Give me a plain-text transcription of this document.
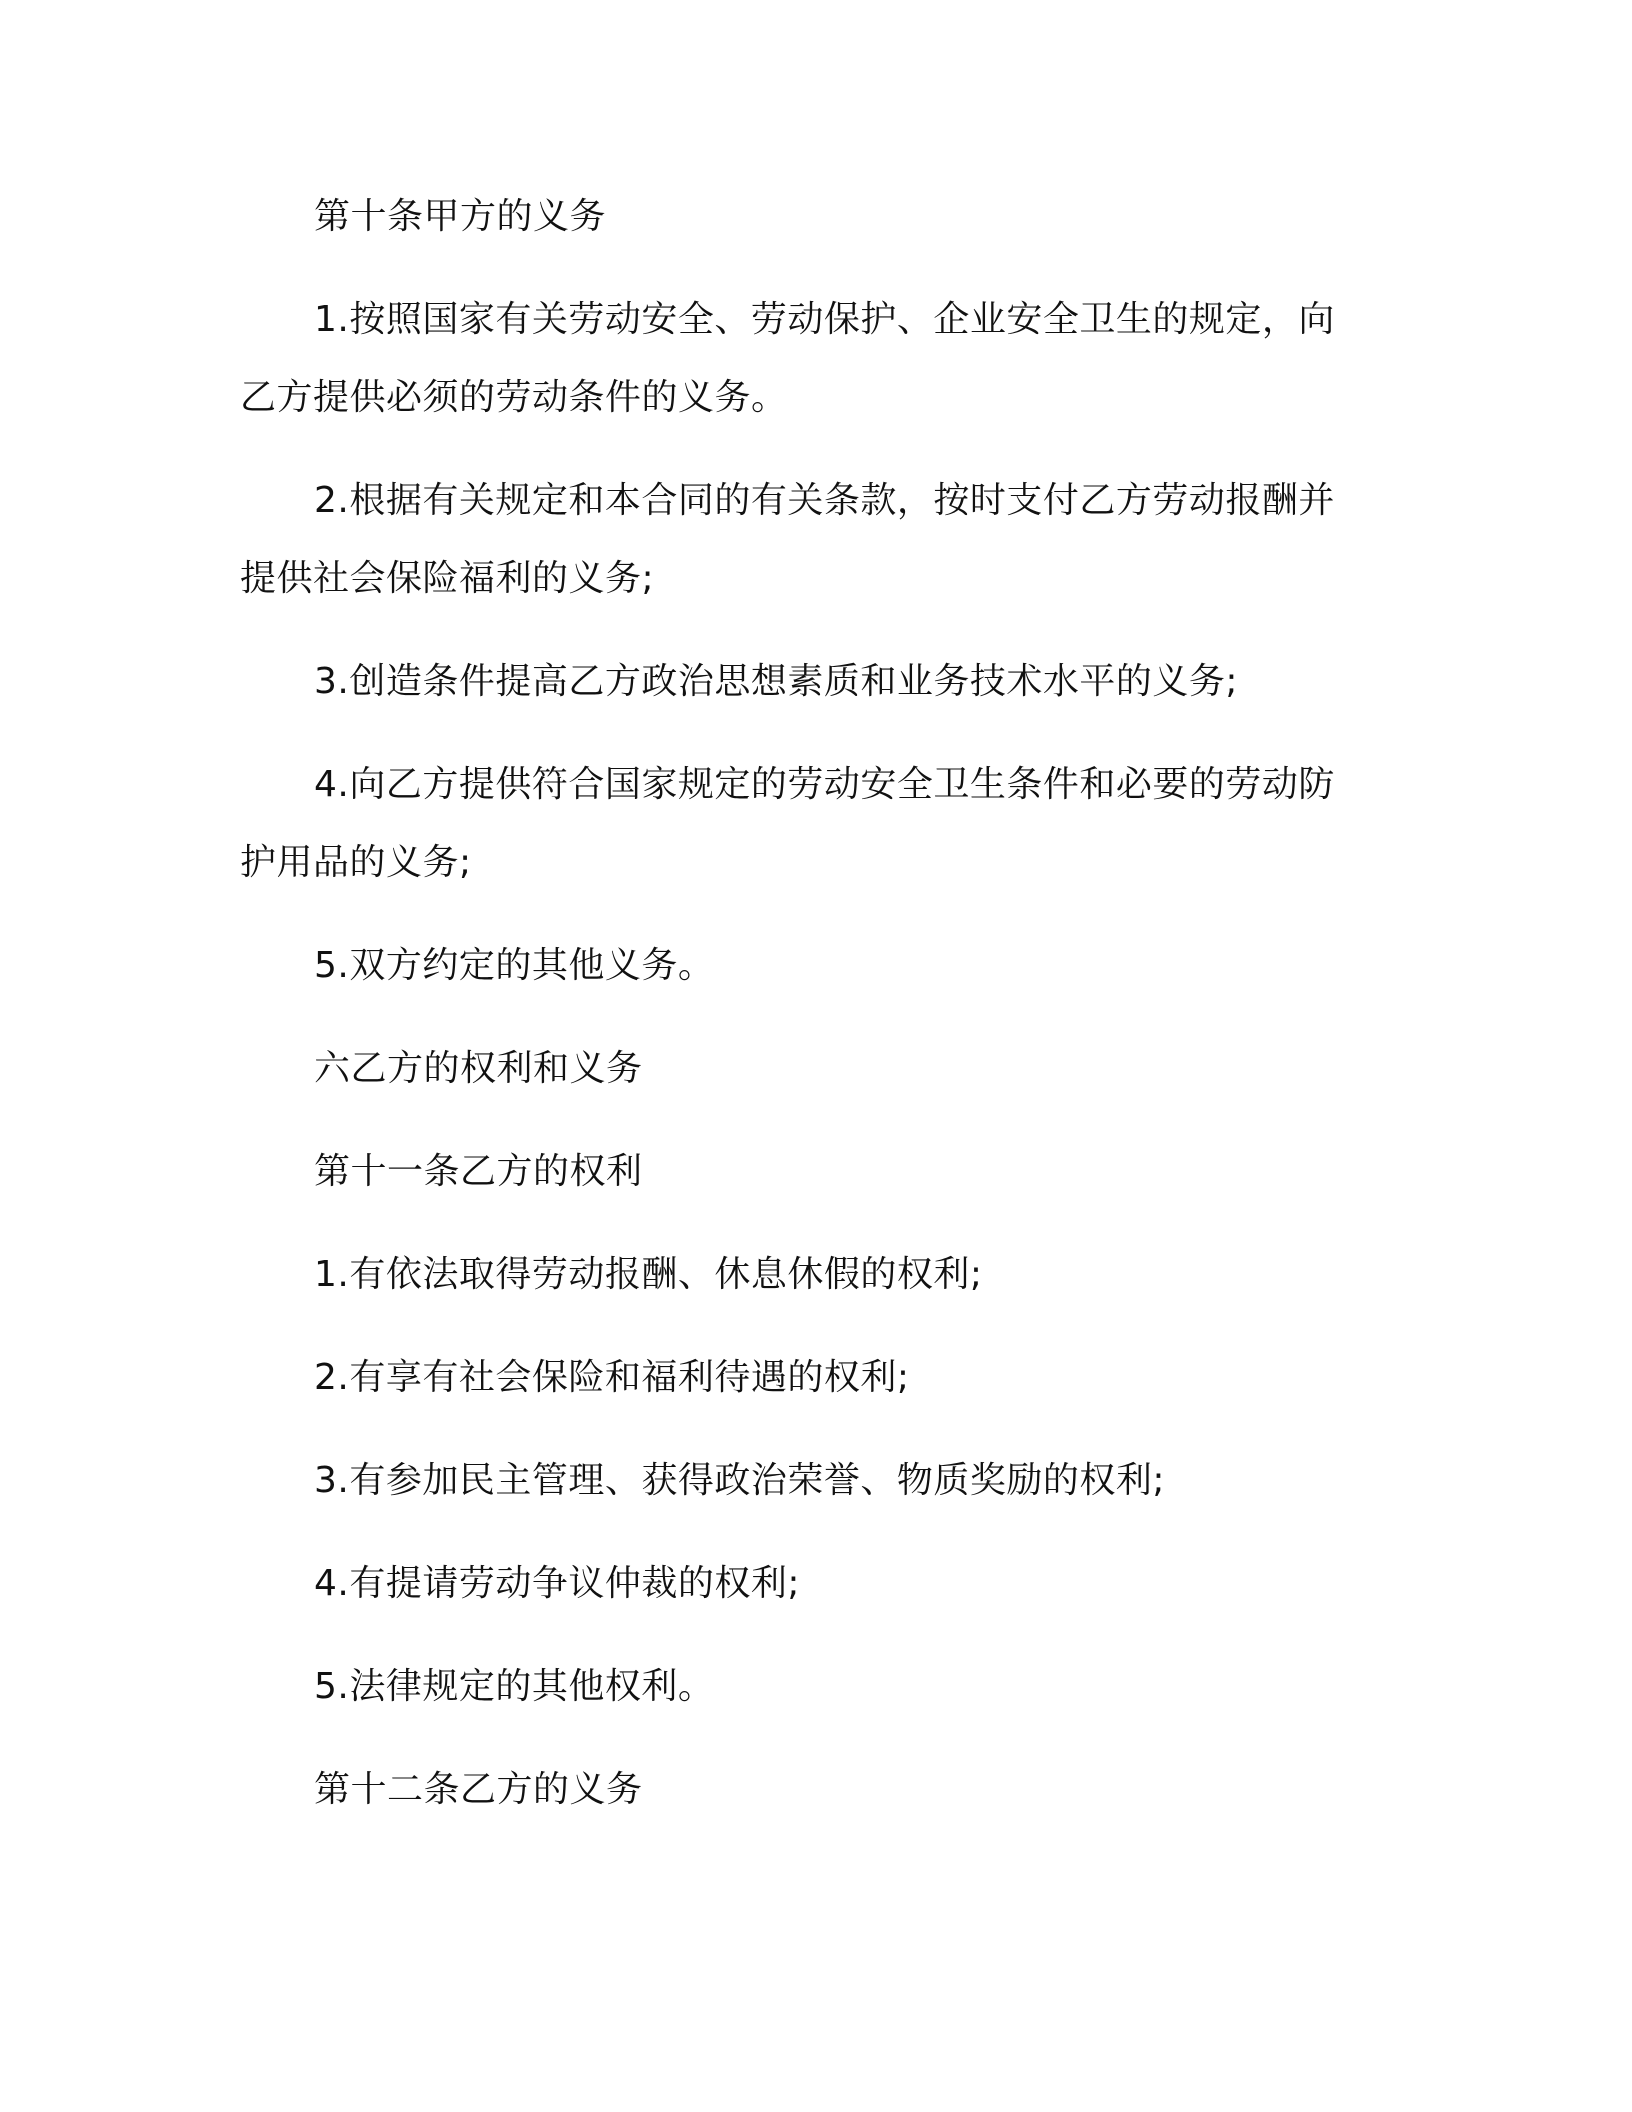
第十条甲方的义务

1.按照国家有关劳动安全、劳动保护、企业安全卫生的规定，向乙方提供必须的劳动条件的义务。

2.根据有关规定和本合同的有关条款，按时支付乙方劳动报酬并提供社会保险福利的义务;

3.创造条件提高乙方政治思想素质和业务技术水平的义务;

4.向乙方提供符合国家规定的劳动安全卫生条件和必要的劳动防护用品的义务;

5.双方约定的其他义务。

六乙方的权利和义务

第十一条乙方的权利

1.有依法取得劳动报酬、休息休假的权利;

2.有享有社会保险和福利待遇的权利;

3.有参加民主管理、获得政治荣誉、物质奖励的权利;

4.有提请劳动争议仲裁的权利;

5.法律规定的其他权利。

第十二条乙方的义务
